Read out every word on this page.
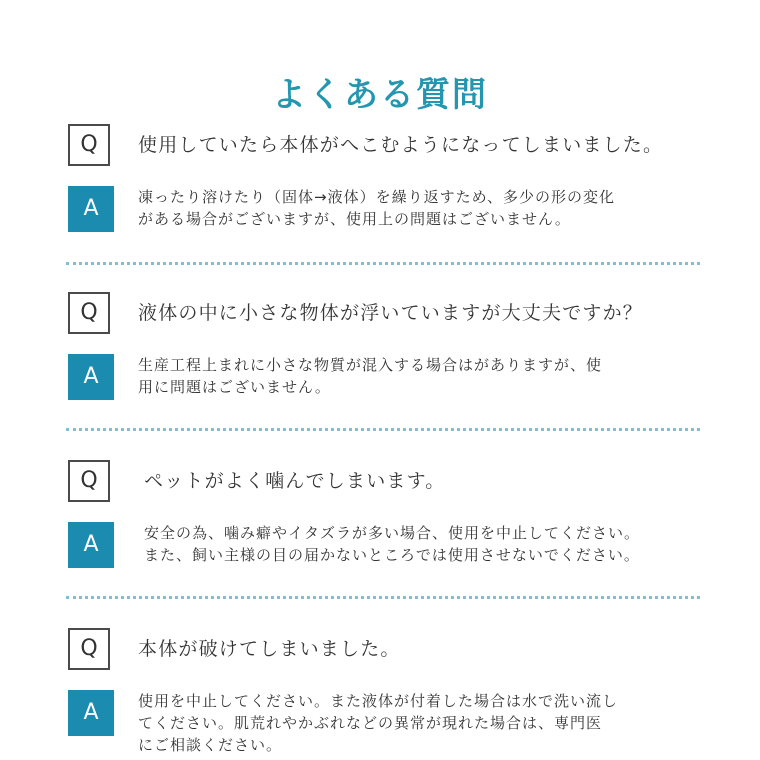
よくある質問
Q	使用していたら本体がへこむようになってしまいました。
A	凍ったり溶けたり（固体→液体）を繰り返すため、多少の形の変化
がある場合がございますが、使用上の問題はございません。
Q	液体の中に小さな物体が浮いていますが大丈夫ですか？
A	生産工程上まれに小さな物質が混入する場合はがありますが、使
用に問題はございません。
Q	ペットがよく噛んでしまいます。
A	安全の為、噛み癖やイタズラが多い場合、使用を中止してください。
また、飼い主様の目の届かないところでは使用させないでください。
Q	本体が破けてしまいました。
A	使用を中止してください。また液体が付着した場合は水で洗い流し
てください。肌荒れやかぶれなどの異常が現れた場合は、専門医
にご相談ください。
